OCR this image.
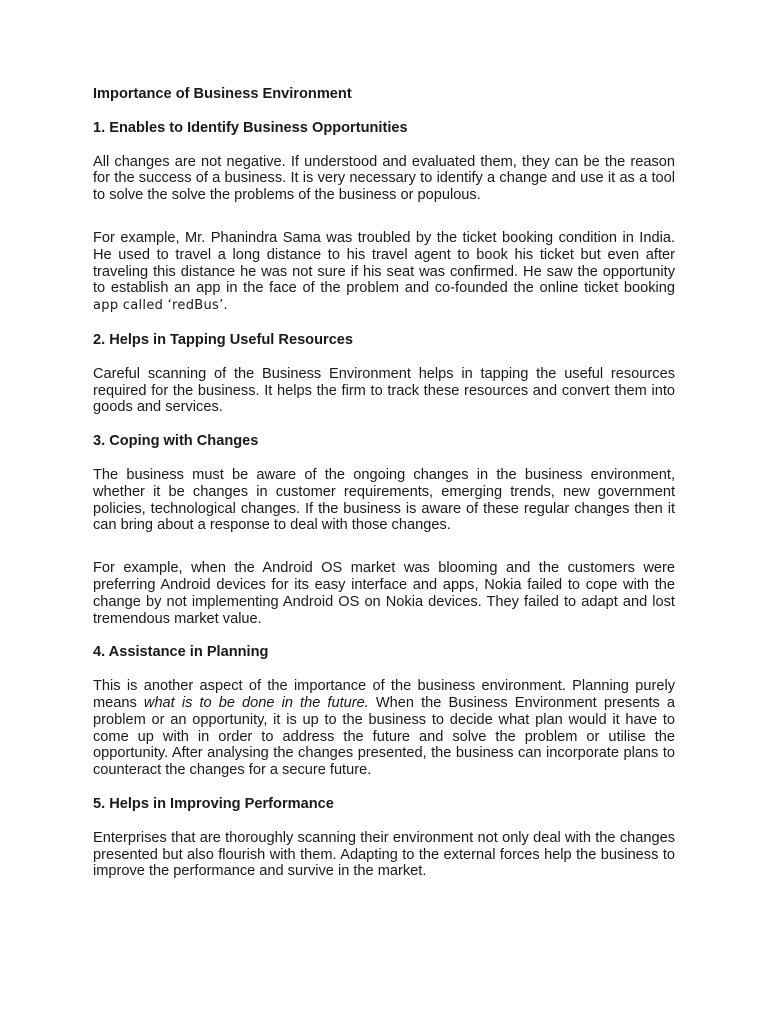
Importance of Business Environment
1. Enables to Identify Business Opportunities

All changes are not negative. If understood and evaluated them, they can be the reason for the success of a business. It is very necessary to identify a change and use it as a tool to solve the solve the problems of the business or populous.

For example, Mr. Phanindra Sama was troubled by the ticket booking condition in India. He used to travel a long distance to his travel agent to book his ticket but even after traveling this distance he was not sure if his seat was confirmed. He saw the opportunity to establish an app in the face of the problem and co-founded the online ticket booking app called ‘redBus’.

2. Helps in Tapping Useful Resources

Careful scanning of the Business Environment helps in tapping the useful resources required for the business. It helps the firm to track these resources and convert them into goods and services.

3. Coping with Changes

The business must be aware of the ongoing changes in the business environment, whether it be changes in customer requirements, emerging trends, new government policies, technological changes. If the business is aware of these regular changes then it can bring about a response to deal with those changes.

For example, when the Android OS market was blooming and the customers were preferring Android devices for its easy interface and apps, Nokia failed to cope with the change by not implementing Android OS on Nokia devices. They failed to adapt and lost tremendous market value.

4. Assistance in Planning

This is another aspect of the importance of the business environment. Planning purely means what is to be done in the future. When the Business Environment presents a problem or an opportunity, it is up to the business to decide what plan would it have to come up with in order to address the future and solve the problem or utilise the opportunity. After analysing the changes presented, the business can incorporate plans to counteract the changes for a secure future.

5. Helps in Improving Performance

Enterprises that are thoroughly scanning their environment not only deal with the changes presented but also flourish with them. Adapting to the external forces help the business to improve the performance and survive in the market.
